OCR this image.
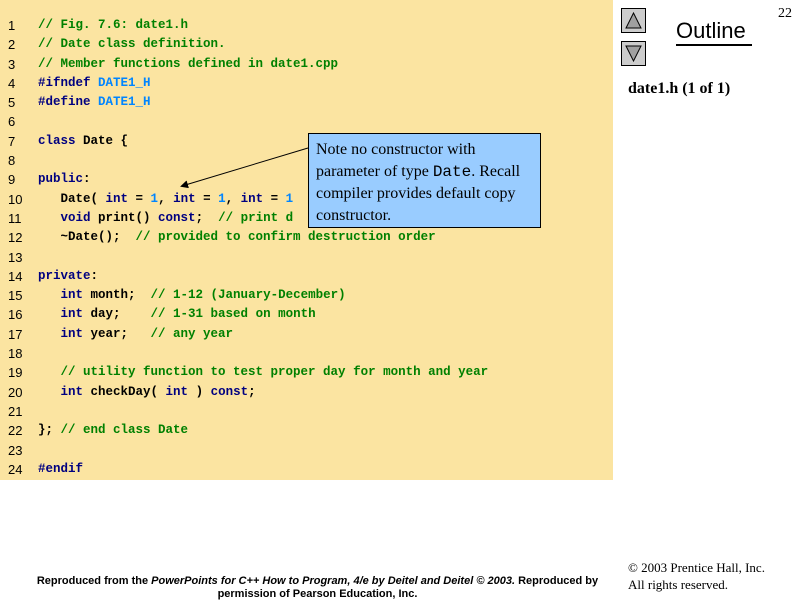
1 // Fig. 7.6: date1.h
2 // Date class definition.
3 // Member functions defined in date1.cpp
4 #ifndef DATE1_H
5 #define DATE1_H
6
7 class Date {
8
9 public:
10 Date( int = 1, int = 1, int = 1
11	void print() const;  // print d
12 ~Date();  // provided to confirm destruction order
13
14 private:
15	int month;  // 1-12 (January-December)
16	int day;    // 1-31 based on month
17	int year;   // any year
18
19	// utility function to test proper day for month and year
20	int checkDay( int ) const;
21
22 }; // end class Date
23
24 #endif
Note no constructor with parameter of type Date. Recall compiler provides default copy constructor.
Outline
22
date1.h (1 of 1)
© 2003 Prentice Hall, Inc.
All rights reserved.
Reproduced from the PowerPoints for C++ How to Program, 4/e by Deitel and Deitel © 2003. Reproduced by permission of Pearson Education, Inc.
